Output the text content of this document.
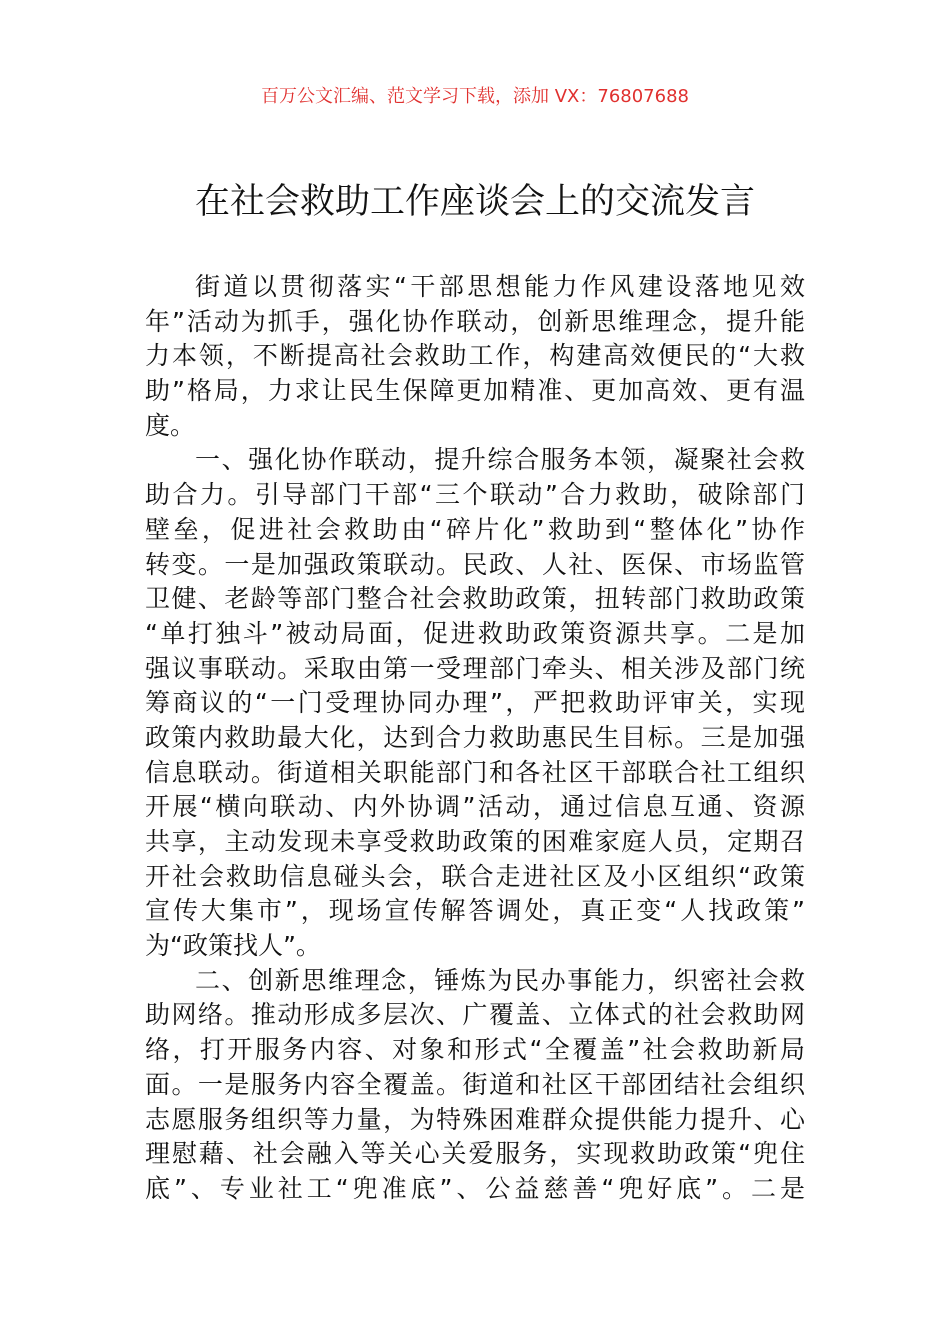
百万公文汇编、范文学习下载，添加 VX：76807688
在社会救助工作座谈会上的交流发言
街道以贯彻落实“干部思想能力作风建设落地见效
年”活动为抓手，强化协作联动，创新思维理念，提升能
力本领，不断提高社会救助工作，构建高效便民的“大救
助”格局，力求让民生保障更加精准、更加高效、更有温
度。
一、强化协作联动，提升综合服务本领，凝聚社会救
助合力。引导部门干部“三个联动”合力救助，破除部门
壁垒，促进社会救助由“碎片化”救助到“整体化”协作
转变。一是加强政策联动。民政、人社、医保、市场监管
卫健、老龄等部门整合社会救助政策，扭转部门救助政策
“单打独斗”被动局面，促进救助政策资源共享。二是加
强议事联动。采取由第一受理部门牵头、相关涉及部门统
筹商议的“一门受理协同办理”，严把救助评审关，实现
政策内救助最大化，达到合力救助惠民生目标。三是加强
信息联动。街道相关职能部门和各社区干部联合社工组织
开展“横向联动、内外协调”活动，通过信息互通、资源
共享，主动发现未享受救助政策的困难家庭人员，定期召
开社会救助信息碰头会，联合走进社区及小区组织“政策
宣传大集市”，现场宣传解答调处，真正变“人找政策”
为“政策找人”。
二、创新思维理念，锤炼为民办事能力，织密社会救
助网络。推动形成多层次、广覆盖、立体式的社会救助网
络，打开服务内容、对象和形式“全覆盖”社会救助新局
面。一是服务内容全覆盖。街道和社区干部团结社会组织
志愿服务组织等力量，为特殊困难群众提供能力提升、心
理慰藉、社会融入等关心关爱服务，实现救助政策“兜住
底”、专业社工“兜准底”、公益慈善“兜好底”。二是
